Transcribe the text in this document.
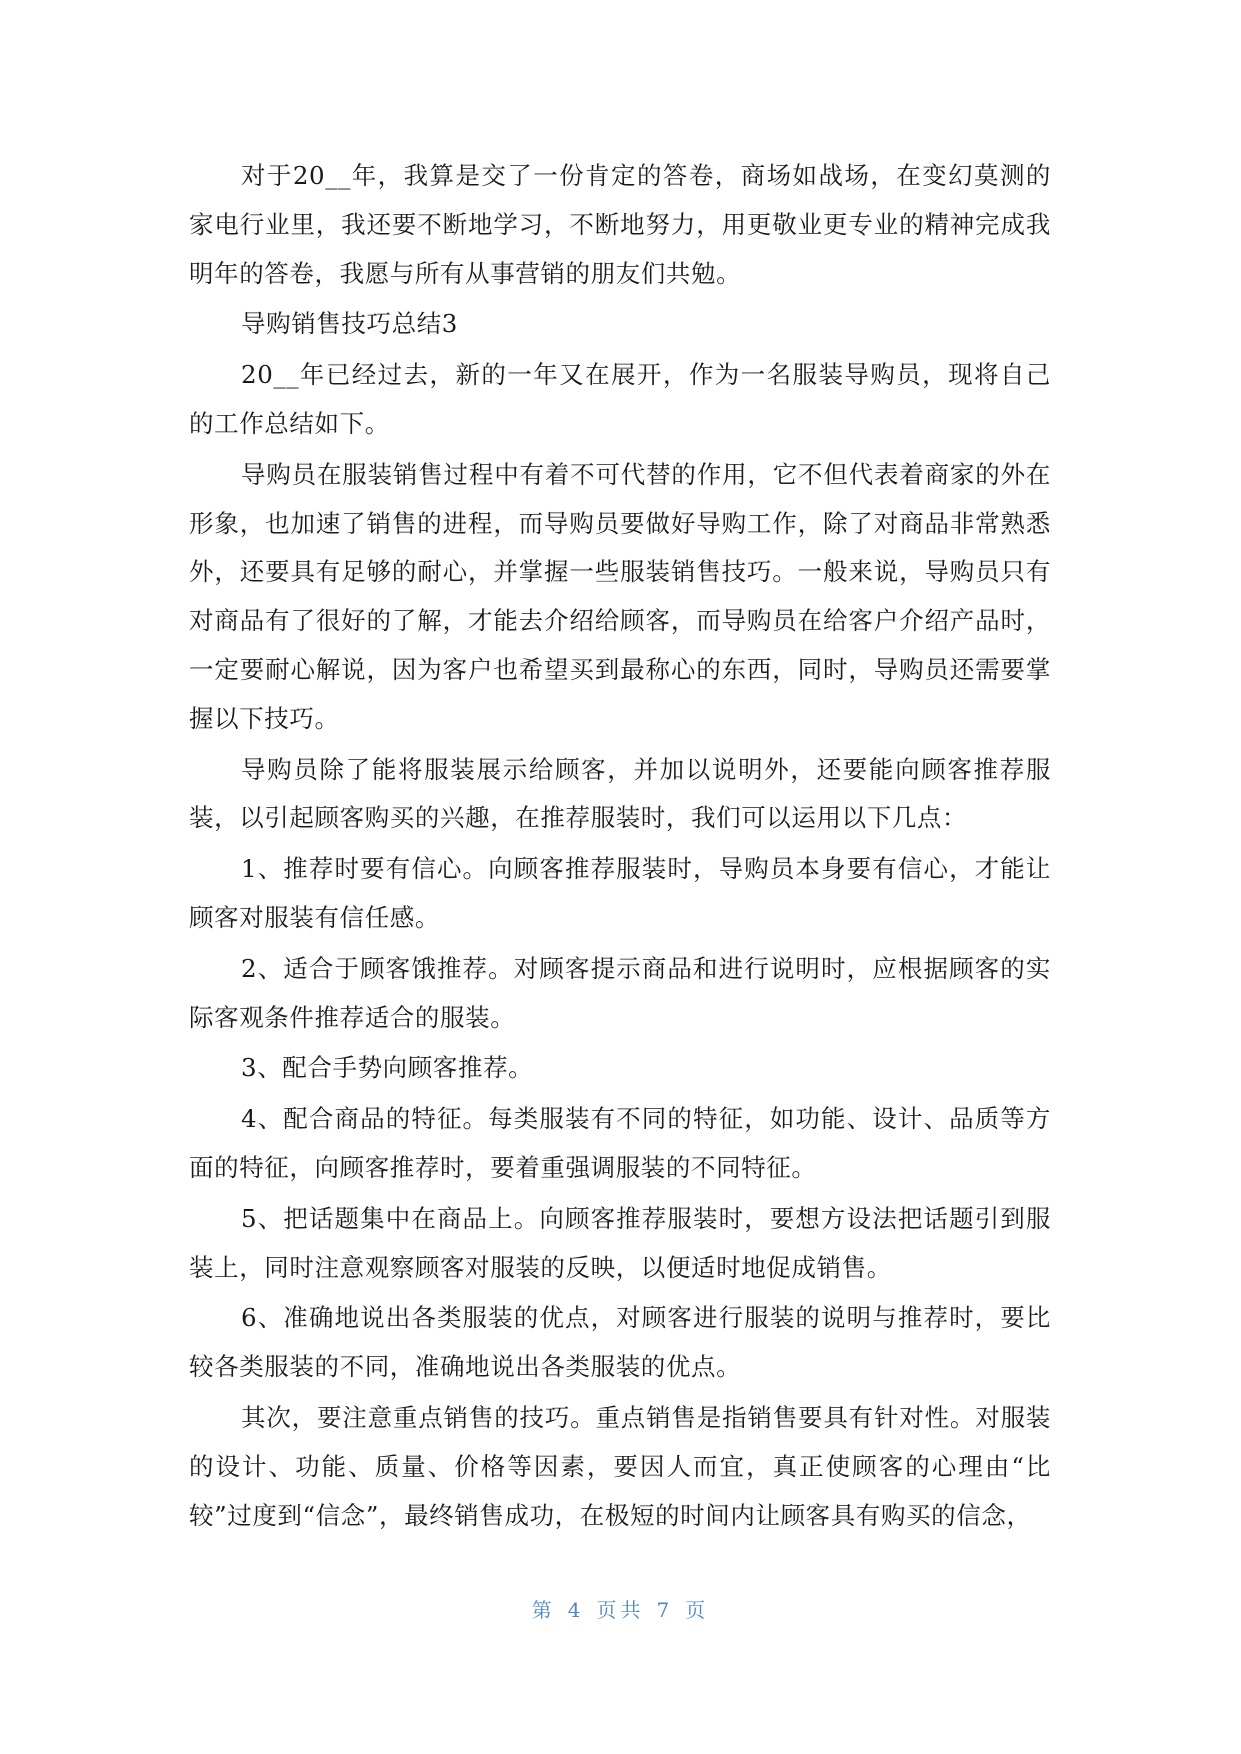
对于20__年，我算是交了一份肯定的答卷，商场如战场，在变幻莫测的家电行业里，我还要不断地学习，不断地努力，用更敬业更专业的精神完成我明年的答卷，我愿与所有从事营销的朋友们共勉。

导购销售技巧总结3

20__年已经过去，新的一年又在展开，作为一名服装导购员，现将自己的工作总结如下。

导购员在服装销售过程中有着不可代替的作用，它不但代表着商家的外在形象，也加速了销售的进程，而导购员要做好导购工作，除了对商品非常熟悉外，还要具有足够的耐心，并掌握一些服装销售技巧。一般来说，导购员只有对商品有了很好的了解，才能去介绍给顾客，而导购员在给客户介绍产品时，一定要耐心解说，因为客户也希望买到最称心的东西，同时，导购员还需要掌握以下技巧。

导购员除了能将服装展示给顾客，并加以说明外，还要能向顾客推荐服装，以引起顾客购买的兴趣，在推荐服装时，我们可以运用以下几点：

1、推荐时要有信心。向顾客推荐服装时，导购员本身要有信心，才能让顾客对服装有信任感。

2、适合于顾客饿推荐。对顾客提示商品和进行说明时，应根据顾客的实际客观条件推荐适合的服装。

3、配合手势向顾客推荐。

4、配合商品的特征。每类服装有不同的特征，如功能、设计、品质等方面的特征，向顾客推荐时，要着重强调服装的不同特征。

5、把话题集中在商品上。向顾客推荐服装时，要想方设法把话题引到服装上，同时注意观察顾客对服装的反映，以便适时地促成销售。

6、准确地说出各类服装的优点，对顾客进行服装的说明与推荐时，要比较各类服装的不同，准确地说出各类服装的优点。

其次，要注意重点销售的技巧。重点销售是指销售要具有针对性。对服装的设计、功能、质量、价格等因素，要因人而宜，真正使顾客的心理由“比较”过度到“信念”，最终销售成功，在极短的时间内让顾客具有购买的信念，

第 4 页共 7 页
